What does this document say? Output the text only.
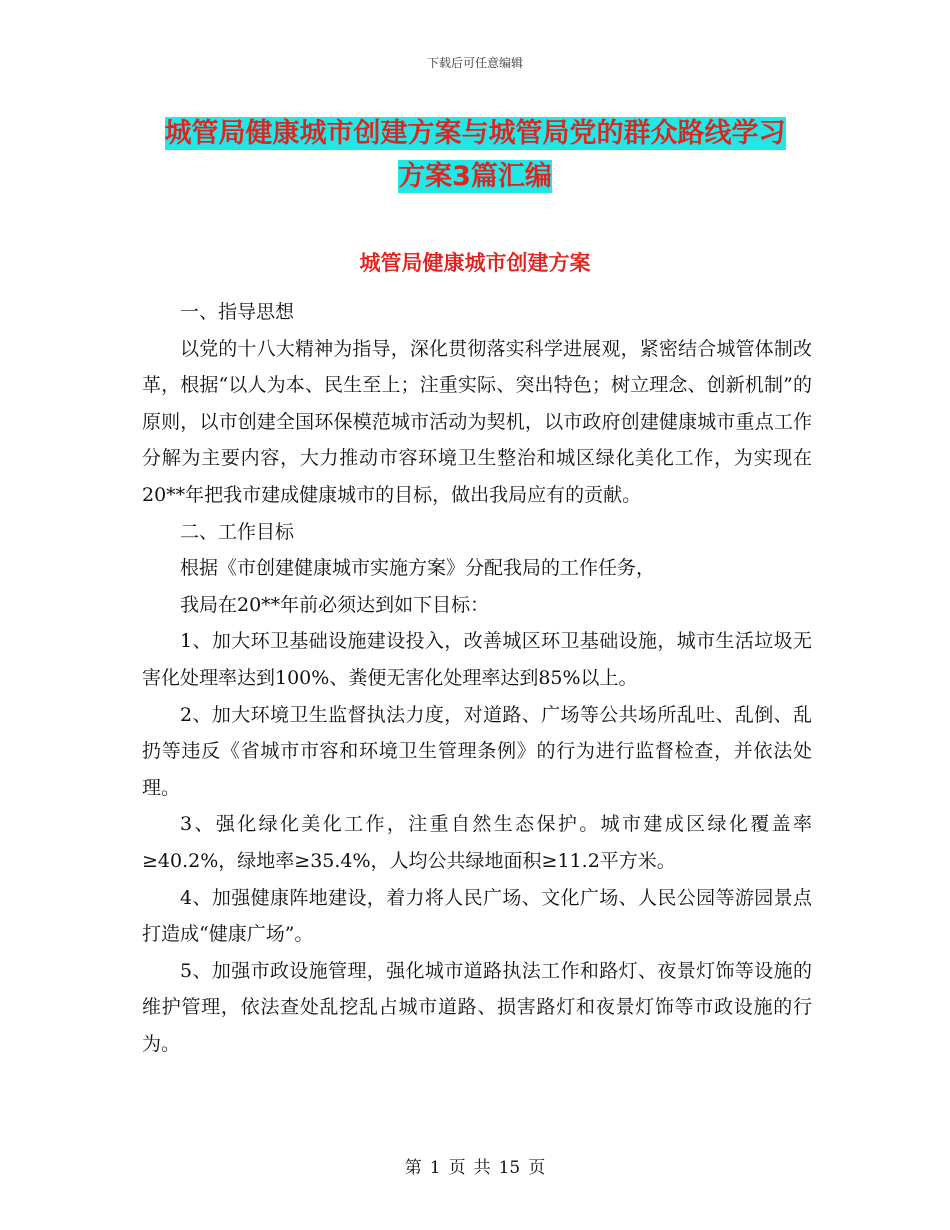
下载后可任意编辑
城管局健康城市创建方案与城管局党的群众路线学习
方案3篇汇编
城管局健康城市创建方案

一、指导思想

以党的十八大精神为指导，深化贯彻落实科学进展观，紧密结合城管体制改革，根据“以人为本、民生至上；注重实际、突出特色；树立理念、创新机制”的原则，以市创建全国环保模范城市活动为契机，以市政府创建健康城市重点工作分解为主要内容，大力推动市容环境卫生整治和城区绿化美化工作，为实现在20**年把我市建成健康城市的目标，做出我局应有的贡献。

二、工作目标

根据《市创建健康城市实施方案》分配我局的工作任务，

我局在20**年前必须达到如下目标：

1、加大环卫基础设施建设投入，改善城区环卫基础设施，城市生活垃圾无害化处理率达到100%、粪便无害化处理率达到85%以上。

2、加大环境卫生监督执法力度，对道路、广场等公共场所乱吐、乱倒、乱扔等违反《省城市市容和环境卫生管理条例》的行为进行监督检查，并依法处理。

3、强化绿化美化工作，注重自然生态保护。城市建成区绿化覆盖率≥40.2%，绿地率≥35.4%，人均公共绿地面积≥11.2平方米。

4、加强健康阵地建设，着力将人民广场、文化广场、人民公园等游园景点打造成“健康广场”。

5、加强市政设施管理，强化城市道路执法工作和路灯、夜景灯饰等设施的维护管理，依法查处乱挖乱占城市道路、损害路灯和夜景灯饰等市政设施的行为。

第 1 页 共 15 页
